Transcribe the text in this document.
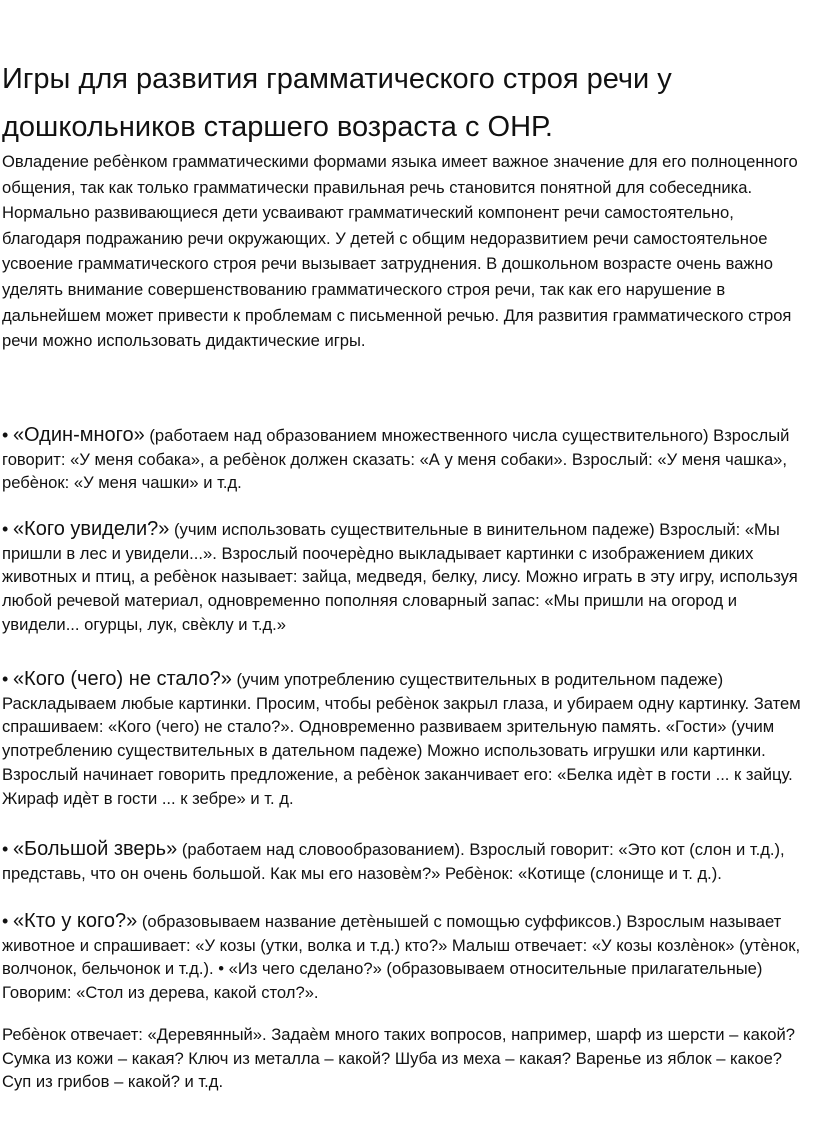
Игры для развития грамматического строя речи у
дошкольников старшего возраста с ОНР.

Овладение ребѐнком грамматическими формами языка имеет важное значение для его полноценного общения, так как только грамматически правильная речь становится понятной для собеседника. Нормально развивающиеся дети усваивают грамматический компонент речи самостоятельно, благодаря подражанию речи окружающих. У детей с общим недоразвитием речи самостоятельное усвоение грамматического строя речи вызывает затруднения. В дошкольном возрасте очень важно уделять внимание совершенствованию грамматического строя речи, так как его нарушение в дальнейшем может привести к проблемам с письменной речью. Для развития грамматического строя речи можно использовать дидактические игры.

• «Один-много» (работаем над образованием множественного числа существительного) Взрослый говорит: «У меня собака», а ребѐнок должен сказать: «А у меня собаки». Взрослый: «У меня чашка», ребѐнок: «У меня чашки» и т.д.

• «Кого увидели?» (учим использовать существительные в винительном падеже) Взрослый: «Мы пришли в лес и увидели...». Взрослый поочерѐдно выкладывает картинки с изображением диких животных и птиц, а ребѐнок называет: зайца, медведя, белку, лису. Можно играть в эту игру, используя любой речевой материал, одновременно пополняя словарный запас: «Мы пришли на огород и увидели... огурцы, лук, свѐклу и т.д.»

• «Кого (чего) не стало?» (учим употреблению существительных в родительном падеже) Раскладываем любые картинки. Просим, чтобы ребѐнок закрыл глаза, и убираем одну картинку. Затем спрашиваем: «Кого (чего) не стало?». Одновременно развиваем зрительную память. «Гости» (учим употреблению существительных в дательном падеже) Можно использовать игрушки или картинки. Взрослый начинает говорить предложение, а ребѐнок заканчивает его: «Белка идѐт в гости ... к зайцу. Жираф идѐт в гости ... к зебре» и т. д.

• «Большой зверь» (работаем над словообразованием). Взрослый говорит: «Это кот (слон и т.д.), представь, что он очень большой. Как мы его назовѐм?» Ребѐнок: «Котище (слонище и т. д.).

• «Кто у кого?» (образовываем название детѐнышей с помощью суффиксов.) Взрослым называет животное и спрашивает: «У козы (утки, волка и т.д.) кто?» Малыш отвечает: «У козы козлѐнок» (утѐнок, волчонок, бельчонок и т.д.). • «Из чего сделано?» (образовываем относительные прилагательные) Говорим: «Стол из дерева, какой стол?».

Ребѐнок отвечает: «Деревянный». Задаѐм много таких вопросов, например, шарф из шерсти – какой? Сумка из кожи – какая? Ключ из металла – какой? Шуба из меха – какая? Варенье из яблок – какое? Суп из грибов – какой? и т.д.
